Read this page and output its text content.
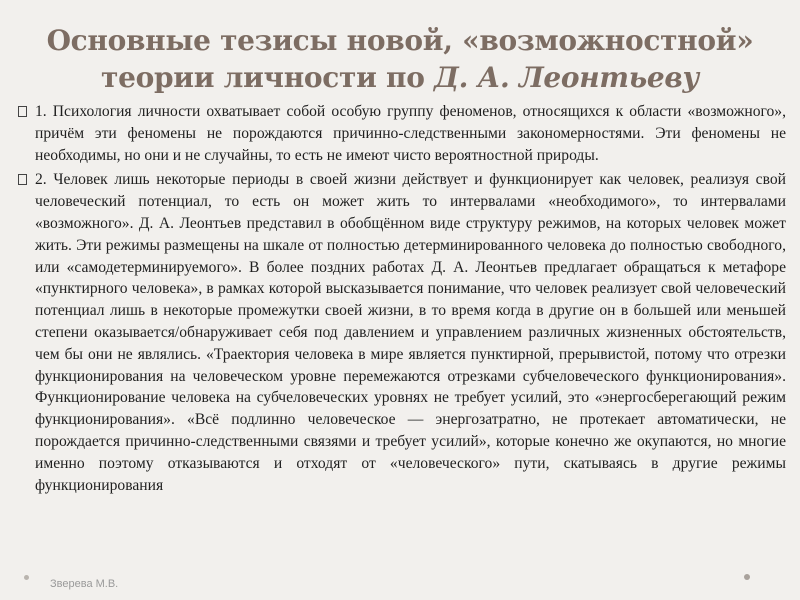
Основные тезисы новой, «возможностной»
теории личности по Д. А. Леонтьеву

1. Психология личности охватывает собой особую группу феноменов, относящихся к области «возможного», причём эти феномены не порождаются причинно-следственными закономерностями. Эти феномены не необходимы, но они и не случайны, то есть не имеют чисто вероятностной природы.

2. Человек лишь некоторые периоды в своей жизни действует и функционирует как человек, реализуя свой человеческий потенциал, то есть он может жить то интервалами «необходимого», то интервалами «возможного». Д. А. Леонтьев представил в обобщённом виде структуру режимов, на которых человек может жить. Эти режимы размещены на шкале от полностью детерминированного человека до полностью свободного, или «самодетерминируемого». В более поздних работах Д. А. Леонтьев предлагает обращаться к метафоре «пунктирного человека», в рамках которой высказывается понимание, что человек реализует свой человеческий потенциал лишь в некоторые промежутки своей жизни, в то время когда в другие он в большей или меньшей степени оказывается/обнаруживает себя под давлением и управлением различных жизненных обстоятельств, чем бы они не являлись. «Траектория человека в мире является пунктирной, прерывистой, потому что отрезки функционирования на человеческом уровне перемежаются отрезками субчеловеческого функционирования». Функционирование человека на субчеловеческих уровнях не требует усилий, это «энергосберегающий режим функционирования». «Всё подлинно человеческое — энергозатратно, не протекает автоматически, не порождается причинно-следственными связями и требует усилий», которые конечно же окупаются, но многие именно поэтому отказываются и отходят от «человеческого» пути, скатываясь в другие режимы функционирования

Зверева М.В.
